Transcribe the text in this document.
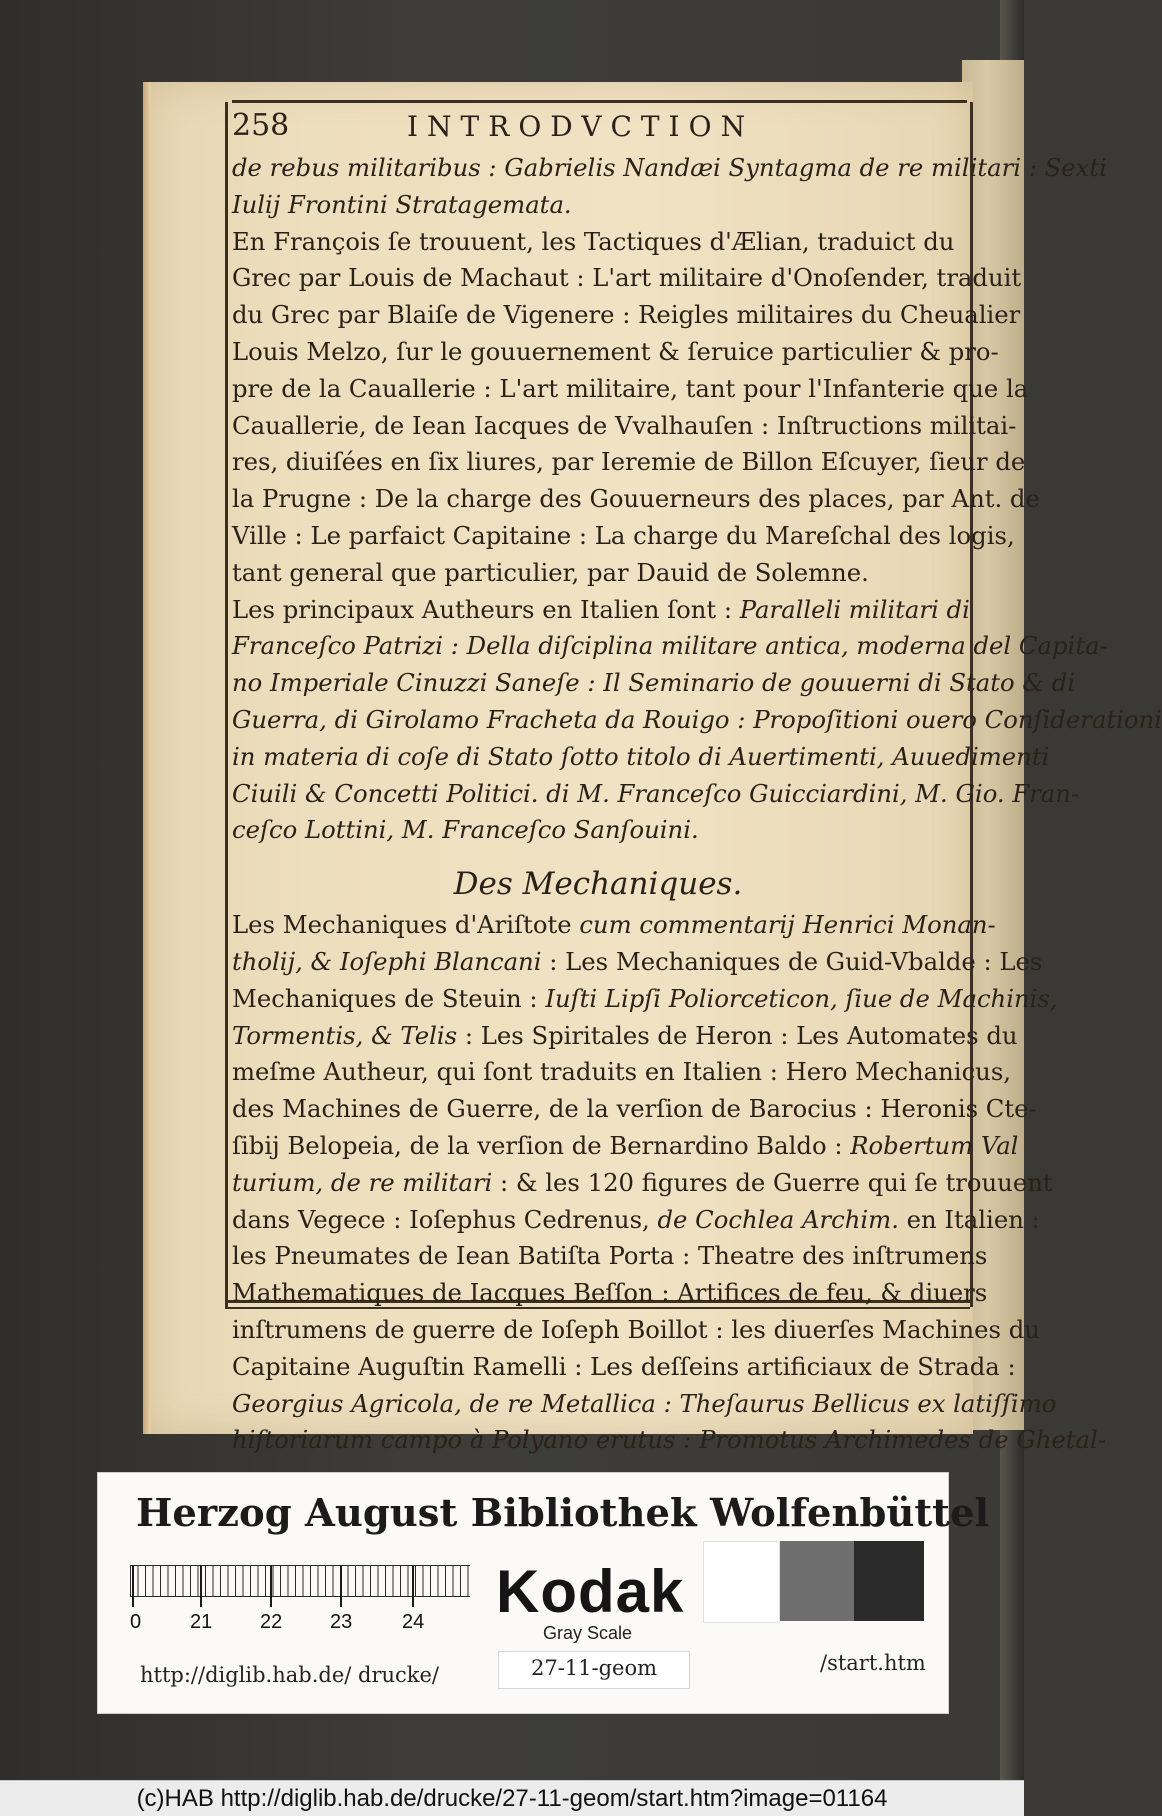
258	INTRODVCTION
de rebus militaribus : Gabrielis Nandæi Syntagma de re militari : Sexti
Iulij Frontini Stratagemata.
En François ſe trouuent, les Tactiques d'Ælian, traduict du
Grec par Louis de Machaut : L'art militaire d'Onoſender, traduit
du Grec par Blaiſe de Vigenere : Reigles militaires du Cheualier
Louis Melzo, ſur le gouuernement & ſeruice particulier & pro-
pre de la Cauallerie : L'art militaire, tant pour l'Infanterie que la
Cauallerie, de Iean Iacques de Vvalhauſen : Inſtructions militai-
res, diuiſées en ſix liures, par Ieremie de Billon Eſcuyer, ſieur de
la Prugne : De la charge des Gouuerneurs des places, par Ant. de
Ville : Le parfaict Capitaine : La charge du Mareſchal des logis,
tant general que particulier, par Dauid de Solemne.
Les principaux Autheurs en Italien ſont : Paralleli militari di
Franceſco Patrizi : Della diſciplina militare antica, moderna del Capita-
no Imperiale Cinuzzi Saneſe : Il Seminario de gouuerni di Stato & di
Guerra, di Girolamo Fracheta da Rouigo : Propoſitioni ouero Conſiderationi
in materia di coſe di Stato ſotto titolo di Auertimenti, Auuedimenti
Ciuili & Concetti Politici. di M. Franceſco Guicciardini, M. Gio. Fran-
ceſco Lottini, M. Franceſco Sanſouini.
Des Mechaniques.
Les Mechaniques d'Ariſtote cum commentarij Henrici Monan-
tholij, & Ioſephi Blancani : Les Mechaniques de Guid-Vbalde : Les
Mechaniques de Steuin : Iuſti Lipſi Poliorceticon, ſiue de Machinis,
Tormentis, & Telis : Les Spiritales de Heron : Les Automates du
meſme Autheur, qui ſont traduits en Italien : Hero Mechanicus,
des Machines de Guerre, de la verſion de Barocius : Heronis Cte-
ſibij Belopeia, de la verſion de Bernardino Baldo : Robertum Val
turium, de re militari : & les 120 figures de Guerre qui ſe trouuent
dans Vegece : Ioſephus Cedrenus, de Cochlea Archim. en Italien :
les Pneumates de Iean Batiſta Porta : Theatre des inſtrumens
Mathematiques de Iacques Beſſon : Artifices de feu, & diuers
inſtrumens de guerre de Ioſeph Boillot : les diuerſes Machines du
Capitaine Auguſtin Ramelli : Les deſſeins artificiaux de Strada :
Georgius Agricola, de re Metallica : Theſaurus Bellicus ex latiſſimo
hiſtoriarum campo à Polyano erutus : Promotus Archimedes de Ghetal-
Herzog August Bibliothek Wolfenbüttel
0 21 22 23 24 Kodak
Gray Scale
http://diglib.hab.de/ drucke/	27-11-geom	/start.htm
(c)HAB http://diglib.hab.de/drucke/27-11-geom/start.htm?image=01164
